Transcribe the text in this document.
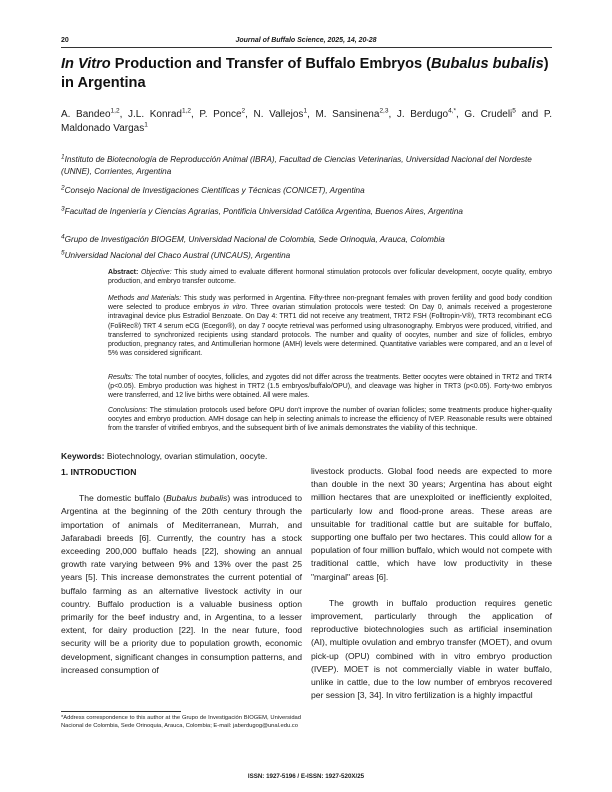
20	Journal of Buffalo Science, 2025, 14, 20-28
In Vitro Production and Transfer of Buffalo Embryos (Bubalus bubalis) in Argentina
A. Bandeo$^{1,2}$, J.L. Konrad$^{1,2}$, P. Ponce$^2$, N. Vallejos$^1$, M. Sansinena$^{2,3}$, J. Berdugo$^{4,*}$, G. Crudeli$^5$ and P. Maldonado Vargas$^1$
$^1$Instituto de Biotecnología de Reproducción Animal (IBRA), Facultad de Ciencias Veterinarias, Universidad Nacional del Nordeste (UNNE), Corrientes, Argentina
$^2$Consejo Nacional de Investigaciones Científicas y Técnicas (CONICET), Argentina
$^3$Facultad de Ingeniería y Ciencias Agrarias, Pontificia Universidad Católica Argentina, Buenos Aires, Argentina
$^4$Grupo de Investigación BIOGEM, Universidad Nacional de Colombia, Sede Orinoquia, Arauca, Colombia
$^5$Universidad Nacional del Chaco Austral (UNCAUS), Argentina
Abstract: Objective: This study aimed to evaluate different hormonal stimulation protocols over follicular development, oocyte quality, embryo production, and embryo transfer outcome.
Methods and Materials: This study was performed in Argentina. Fifty-three non-pregnant females with proven fertility and good body condition were selected to produce embryos in vitro. Three ovarian stimulation protocols were tested: On Day 0, animals received a progesterone intravaginal device plus Estradiol Benzoate. On Day 4: TRT1 did not receive any treatment, TRT2 FSH (Folltropin-V®), TRT3 recombinant eCG (FoliRec®) TRT 4 serum eCG (Ecegon®), on day 7 oocyte retrieval was performed using ultrasonography. Embryos were produced, vitrified, and transferred to synchronized recipients using standard protocols. The number and quality of oocytes, number and size of follicles, embryo production, pregnancy rates, and Antimullerian hormone (AMH) levels were determined. Quantitative variables were compared, and an α level of 5% was considered significant.
Results: The total number of oocytes, follicles, and zygotes did not differ across the treatments. Better oocytes were obtained in TRT2 and TRT4 (p<0.05). Embryo production was highest in TRT2 (1.5 embryos/buffalo/OPU), and cleavage was higher in TRT3 (p<0.05). Forty-two embryos were transferred, and 12 live births were obtained. All were males.
Conclusions: The stimulation protocols used before OPU don't improve the number of ovarian follicles; some treatments produce higher-quality oocytes and embryo production. AMH dosage can help in selecting animals to increase the efficiency of IVEP. Reasonable results were obtained from the transfer of vitrified embryos, and the subsequent birth of live animals demonstrates the viability of this technique.
Keywords: Biotechnology, ovarian stimulation, oocyte.
1. INTRODUCTION

The domestic buffalo (Bubalus bubalis) was introduced to Argentina at the beginning of the 20th century through the importation of animals of Mediterranean, Murrah, and Jafarabadi breeds [6]. Currently, the country has a stock exceeding 200,000 buffalo heads [22], showing an annual growth rate varying between 9% and 13% over the past 25 years [5]. This increase demonstrates the current potential of buffalo farming as an alternative livestock activity in our country. Buffalo production is a valuable business option primarily for the beef industry and, in Argentina, to a lesser extent, for dairy production [22]. In the near future, food security will be a priority due to population growth, economic development, significant changes in consumption patterns, and increased consumption of

livestock products. Global food needs are expected to more than double in the next 30 years; Argentina has about eight million hectares that are unexploited or inefficiently exploited, particularly low and flood-prone areas. These areas are unsuitable for traditional cattle but are suitable for buffalo, supporting one buffalo per two hectares. This could allow for a population of four million buffalo, which would not compete with traditional cattle, which have low productivity in these "marginal" areas [6].

The growth in buffalo production requires genetic improvement, particularly through the application of reproductive biotechnologies such as artificial insemination (AI), multiple ovulation and embryo transfer (MOET), and ovum pick-up (OPU) combined with in vitro embryo production (IVEP). MOET is not commercially viable in water buffalo, unlike in cattle, due to the low number of embryos recovered per session [3, 34]. In vitro fertilization is a highly impactful

*Address correspondence to this author at the Grupo de Investigación BIOGEM, Universidad Nacional de Colombia, Sede Orinoquia, Arauca, Colombia; E-mail: jaberdugog@unal.edu.co
ISSN: 1927-5196 / E-ISSN: 1927-520X/25
